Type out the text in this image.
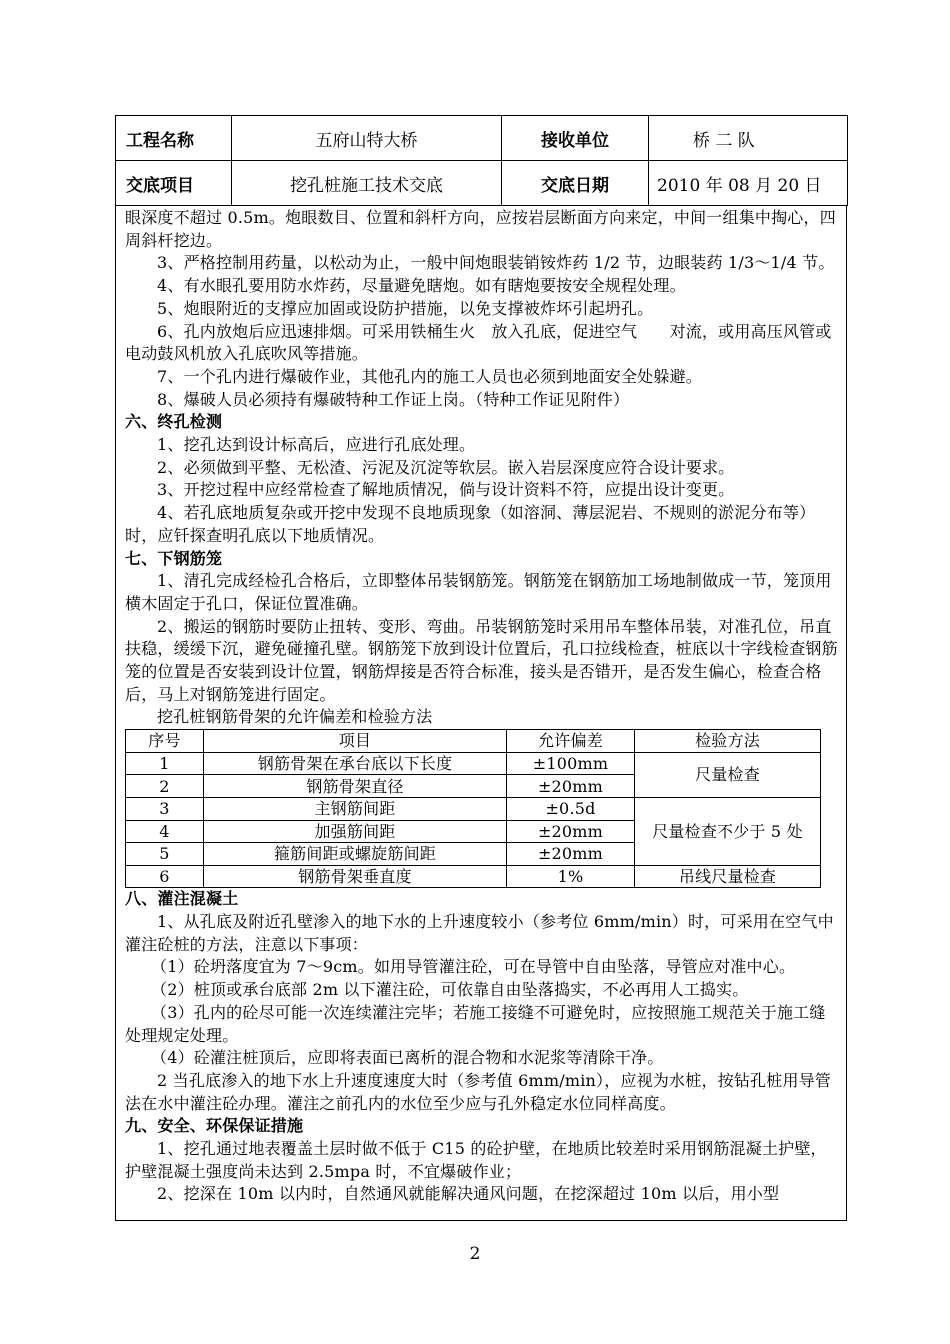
工程名称	五府山特大桥	接收单位	桥 二 队
交底项目	挖孔桩施工技术交底	交底日期	2010 年 08 月 20 日

眼深度不超过 0.5m。炮眼数目、位置和斜杆方向，应按岩层断面方向来定，中间一组集中掏心，四周斜杆挖边。

3、严格控制用药量，以松动为止，一般中间炮眼装销铵炸药 1/2 节，边眼装药 1/3～1/4 节。

4、有水眼孔要用防水炸药，尽量避免瞎炮。如有瞎炮要按安全规程处理。

5、炮眼附近的支撑应加固或设防护措施，以免支撑被炸坏引起坍孔。

6、孔内放炮后应迅速排烟。可采用铁桶生火　放入孔底，促进空气　　对流，或用高压风管或电动鼓风机放入孔底吹风等措施。

7、一个孔内进行爆破作业，其他孔内的施工人员也必须到地面安全处躲避。

8、爆破人员必须持有爆破特种工作证上岗。（特种工作证见附件）

六、终孔检测

1、挖孔达到设计标高后，应进行孔底处理。

2、必须做到平整、无松渣、污泥及沉淀等软层。嵌入岩层深度应符合设计要求。

3、开挖过程中应经常检查了解地质情况，倘与设计资料不符，应提出设计变更。

4、若孔底地质复杂或开挖中发现不良地质现象（如溶洞、薄层泥岩、不规则的淤泥分布等）时，应钎探查明孔底以下地质情况。

七、下钢筋笼

1、清孔完成经检孔合格后，立即整体吊装钢筋笼。钢筋笼在钢筋加工场地制做成一节，笼顶用横木固定于孔口，保证位置准确。

2、搬运的钢筋时要防止扭转、变形、弯曲。吊装钢筋笼时采用吊车整体吊装，对准孔位，吊直扶稳，缓缓下沉，避免碰撞孔壁。钢筋笼下放到设计位置后，孔口拉线检查，桩底以十字线检查钢筋笼的位置是否安装到设计位置，钢筋焊接是否符合标准，接头是否错开，是否发生偏心，检查合格后，马上对钢筋笼进行固定。

挖孔桩钢筋骨架的允许偏差和检验方法

序号	项目	允许偏差	检验方法
1	钢筋骨架在承台底以下长度	±100mm	尺量检查
2	钢筋骨架直径	±20mm	
3	主钢筋间距	±0.5d	尺量检查不少于 5 处
4	加强筋间距	±20mm	
5	箍筋间距或螺旋筋间距	±20mm	
6	钢筋骨架垂直度	1%	吊线尺量检查

八、灌注混凝土

1、从孔底及附近孔壁渗入的地下水的上升速度较小（参考位 6mm/min）时，可采用在空气中灌注砼桩的方法，注意以下事项：

（1）砼坍落度宜为 7～9cm。如用导管灌注砼，可在导管中自由坠落，导管应对准中心。

（2）桩顶或承台底部 2m 以下灌注砼，可依靠自由坠落捣实，不必再用人工捣实。

（3）孔内的砼尽可能一次连续灌注完毕；若施工接缝不可避免时，应按照施工规范关于施工缝处理规定处理。

（4）砼灌注桩顶后，应即将表面已离析的混合物和水泥浆等清除干净。

2 当孔底渗入的地下水上升速度速度大时（参考值 6mm/min），应视为水桩，按钻孔桩用导管法在水中灌注砼办理。灌注之前孔内的水位至少应与孔外稳定水位同样高度。

九、安全、环保保证措施

1、挖孔通过地表覆盖土层时做不低于 C15 的砼护壁，在地质比较差时采用钢筋混凝土护壁，护壁混凝土强度尚未达到 2.5mpa 时，不宜爆破作业；

2、挖深在 10m 以内时，自然通风就能解决通风问题，在挖深超过 10m 以后，用小型

2
